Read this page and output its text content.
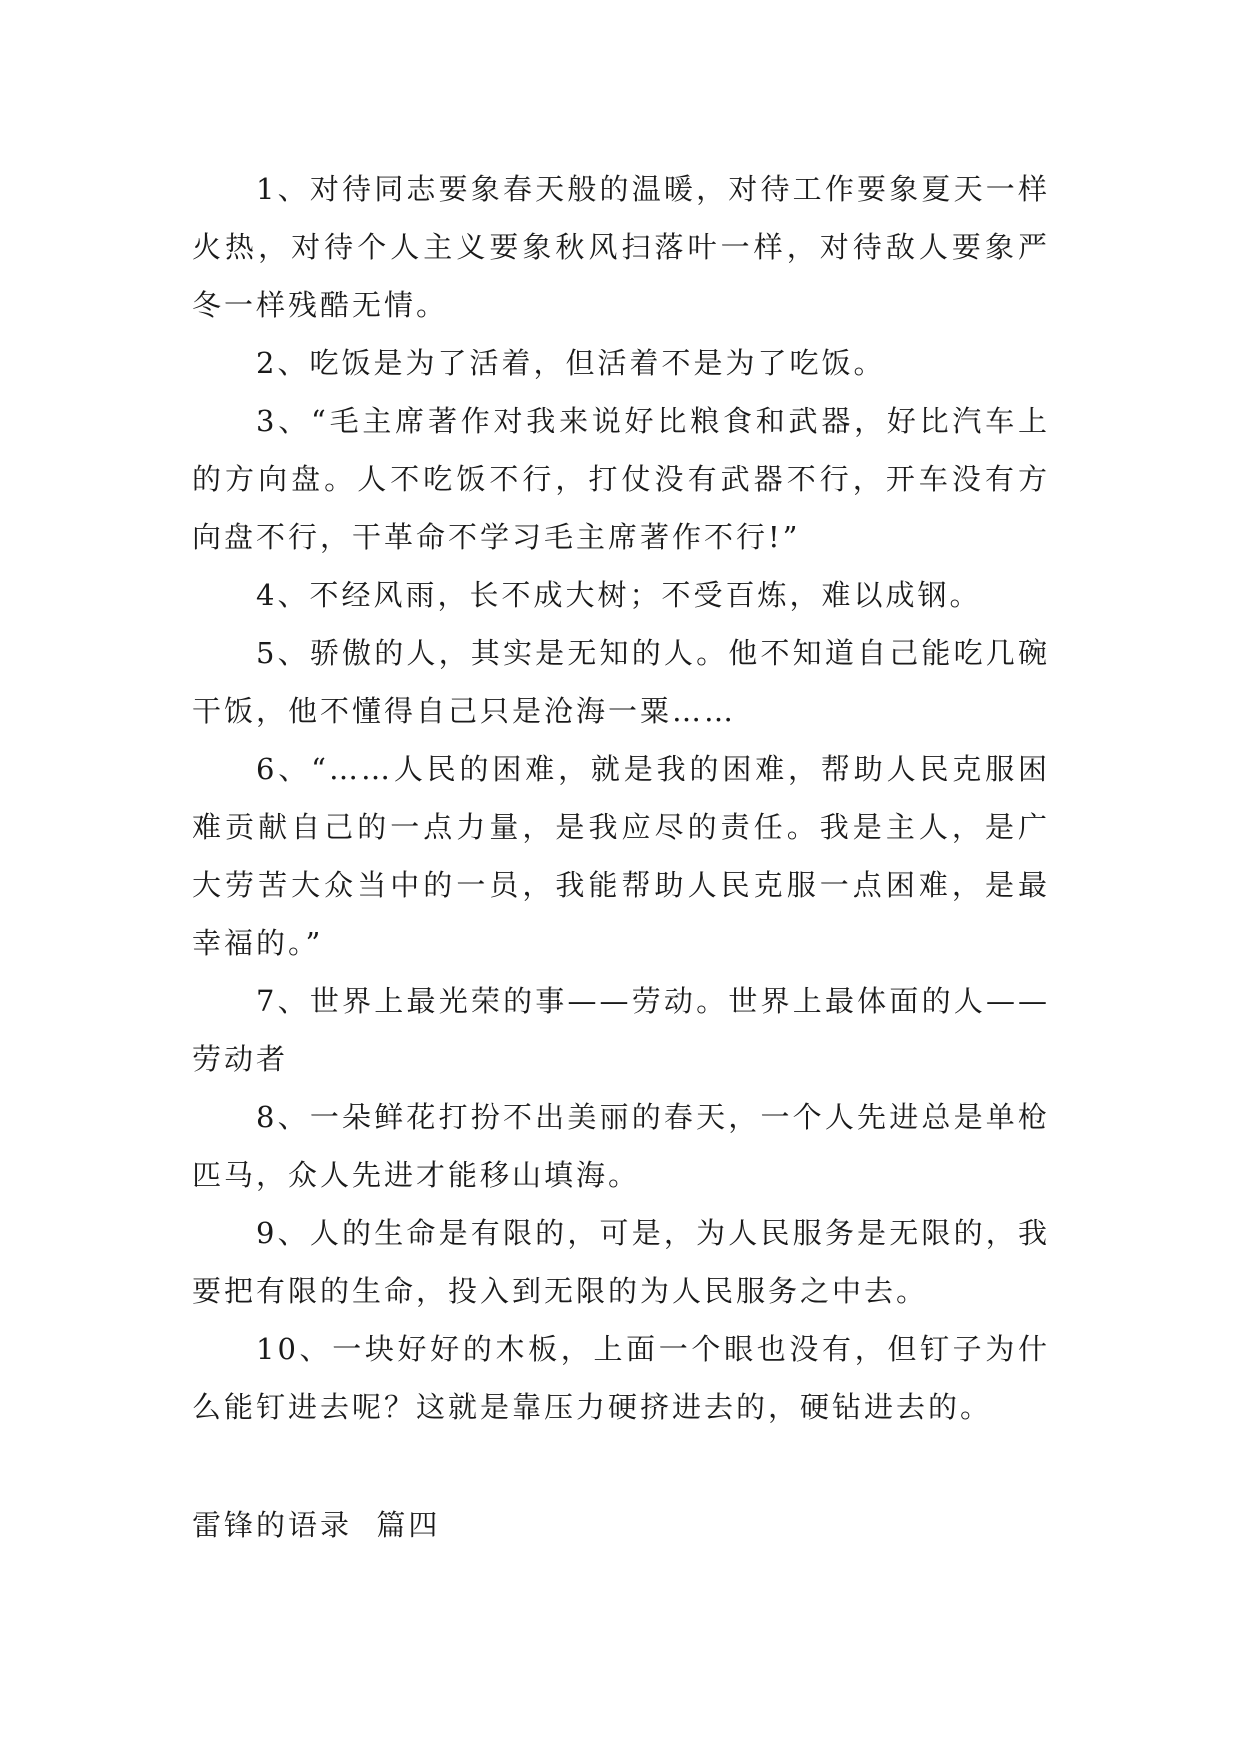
1、对待同志要象春天般的温暖，对待工作要象夏天一样火热，对待个人主义要象秋风扫落叶一样，对待敌人要象严冬一样残酷无情。

2、吃饭是为了活着，但活着不是为了吃饭。

3、“毛主席著作对我来说好比粮食和武器，好比汽车上的方向盘。人不吃饭不行，打仗没有武器不行，开车没有方向盘不行，干革命不学习毛主席著作不行!”

4、不经风雨，长不成大树；不受百炼，难以成钢。

5、骄傲的人，其实是无知的人。他不知道自己能吃几碗干饭，他不懂得自己只是沧海一粟……

6、“……人民的困难，就是我的困难，帮助人民克服困难贡献自己的一点力量，是我应尽的责任。我是主人，是广大劳苦大众当中的一员，我能帮助人民克服一点困难，是最幸福的。”

7、世界上最光荣的事——劳动。世界上最体面的人——劳动者

8、一朵鲜花打扮不出美丽的春天，一个人先进总是单枪匹马，众人先进才能移山填海。

9、人的生命是有限的，可是，为人民服务是无限的，我要把有限的生命，投入到无限的为人民服务之中去。

10、一块好好的木板，上面一个眼也没有，但钉子为什么能钉进去呢？这就是靠压力硬挤进去的，硬钻进去的。

雷锋的语录  篇四
